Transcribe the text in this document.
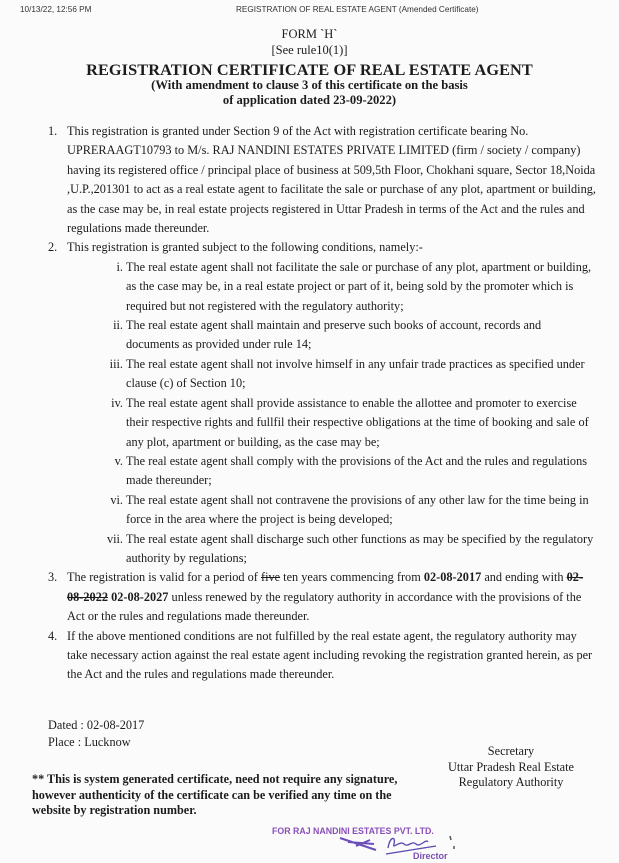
10/13/22, 12:56 PM	REGISTRATION OF REAL ESTATE AGENT (Amended Certificate)
FORM `H`
[See rule10(1)]
REGISTRATION CERTIFICATE OF REAL ESTATE AGENT
(With amendment to clause 3 of this certificate on the basis
of application dated 23-09-2022)
1. This registration is granted under Section 9 of the Act with registration certificate bearing No. UPRERAAGT10793 to M/s. RAJ NANDINI ESTATES PRIVATE LIMITED (firm / society / company) having its registered office / principal place of business at 509,5th Floor, Chokhani square, Sector 18,Noida ,U.P.,201301 to act as a real estate agent to facilitate the sale or purchase of any plot, apartment or building, as the case may be, in real estate projects registered in Uttar Pradesh in terms of the Act and the rules and regulations made thereunder.
2. This registration is granted subject to the following conditions, namely:-
i. The real estate agent shall not facilitate the sale or purchase of any plot, apartment or building, as the case may be, in a real estate project or part of it, being sold by the promoter which is required but not registered with the regulatory authority;
ii. The real estate agent shall maintain and preserve such books of account, records and documents as provided under rule 14;
iii. The real estate agent shall not involve himself in any unfair trade practices as specified under clause (c) of Section 10;
iv. The real estate agent shall provide assistance to enable the allottee and promoter to exercise their respective rights and fullfil their respective obligations at the time of booking and sale of any plot, apartment or building, as the case may be;
v. The real estate agent shall comply with the provisions of the Act and the rules and regulations made thereunder;
vi. The real estate agent shall not contravene the provisions of any other law for the time being in force in the area where the project is being developed;
vii. The real estate agent shall discharge such other functions as may be specified by the regulatory authority by regulations;
3. The registration is valid for a period of five ten years commencing from 02-08-2017 and ending with 02-08-2022 02-08-2027 unless renewed by the regulatory authority in accordance with the provisions of the Act or the rules and regulations made thereunder.
4. If the above mentioned conditions are not fulfilled by the real estate agent, the regulatory authority may take necessary action against the real estate agent including revoking the registration granted herein, as per the Act and the rules and regulations made thereunder.
Dated : 02-08-2017
Place : Lucknow
Secretary
Uttar Pradesh Real Estate
Regulatory Authority
** This is system generated certificate, need not require any signature, however authenticity of the certificate can be verified any time on the website by registration number.
FOR RAJ NANDINI ESTATES PVT. LTD.
Director
